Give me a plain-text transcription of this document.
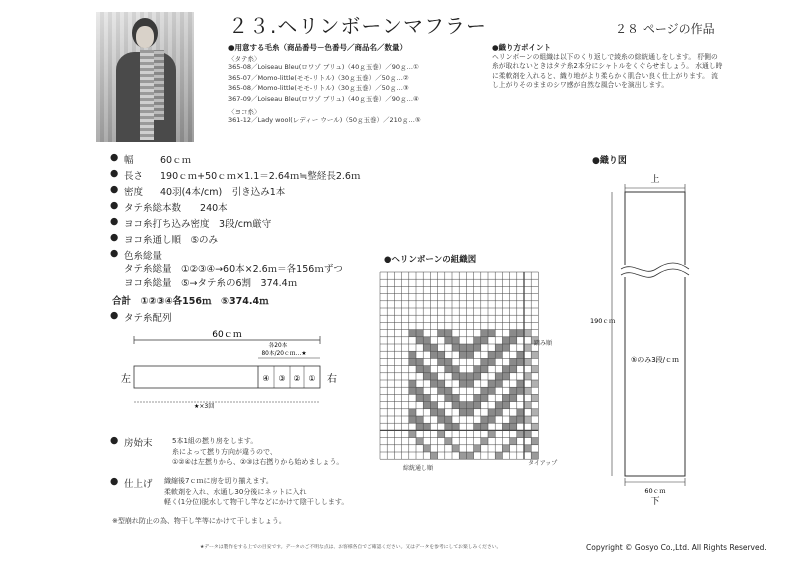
２３.ヘリンボーンマフラー	２８ ページの作品
●用意する毛糸（商品番号－色番号／商品名／数量）
〈タテ糸〉
365-08／Loiseau Bleu(ロワゾ ブリュ)（40ｇ玉巻）／90ｇ…①
365-07／Momo-little(モモ-リトル)（30ｇ玉巻）／50ｇ…②
365-08／Momo-little(モモ-リトル)（30ｇ玉巻）／50ｇ…③
367-09／Loiseau Bleu(ロワゾ ブリュ)（40ｇ玉巻）／90ｇ…④
〈ヨコ糸〉
361-12／Lady wool(レディー ウール)（50ｇ玉巻）／210ｇ…⑤
●織り方ポイント
ヘリンボーンの組織は以下のくり返しで綾糸の綜絖通しをします。 杼側の糸が取れないときはタテ糸2本分にシャトルをくぐらせましょう。 水通し時に柔軟剤を入れると、織り地がより柔らかく肌合い良く仕上がります。 流し上がりそのままのシワ感が自然な風合いを演出します。
● 幅	60ｃｍ
● 長さ 190ｃｍ+50ｃｍ×1.1＝2.64ｍ≒整経長2.6ｍ
● 密度 40羽(4本/cm)　引き込み1本
● タテ糸総本数　　 240本
● ヨコ糸打ち込み密度　 3段/cm厳守
● ヨコ糸通し順　 ⑤のみ
● 色糸総量
タテ糸総量　①②③④→60本×2.6ｍ＝各156ｍずつ
ヨコ糸総量　⑤→タテ糸の6割　374.4ｍ
合計　①②③④各156ｍ　⑤374.4ｍ
● タテ糸配列
60ｃｍ
各20本
80本/20ｃｍ…★
④ ③ ② ①
左	右
★×3回
● 房始末	5本1組の撚り房をします。
糸によって撚り方向が違うので、
①②④は左撚りから、②③は右撚りから始めましょう。
● 仕上げ 織縮後7ｃｍに房を切り揃えます。
柔軟剤を入れ、水通し30分後にネットに入れ
軽く(1分位)脱水して物干し竿などにかけて陰干しします。
※型崩れ防止の為、物干し竿等にかけて干しましょう。
●ヘリンボーンの組織図
綜絖通し順
タイアップ
踏み順
●織り図
上
190ｃｍ
⑤のみ3段/ｃｍ
60ｃｍ
下
★データは製作をする上での目安です。データのご不明な点は、お客様各自でご確認ください。又はデータを参考にしてお楽しみください。	Copyright © Gosyo Co.,Ltd. All Rights Reserved.
